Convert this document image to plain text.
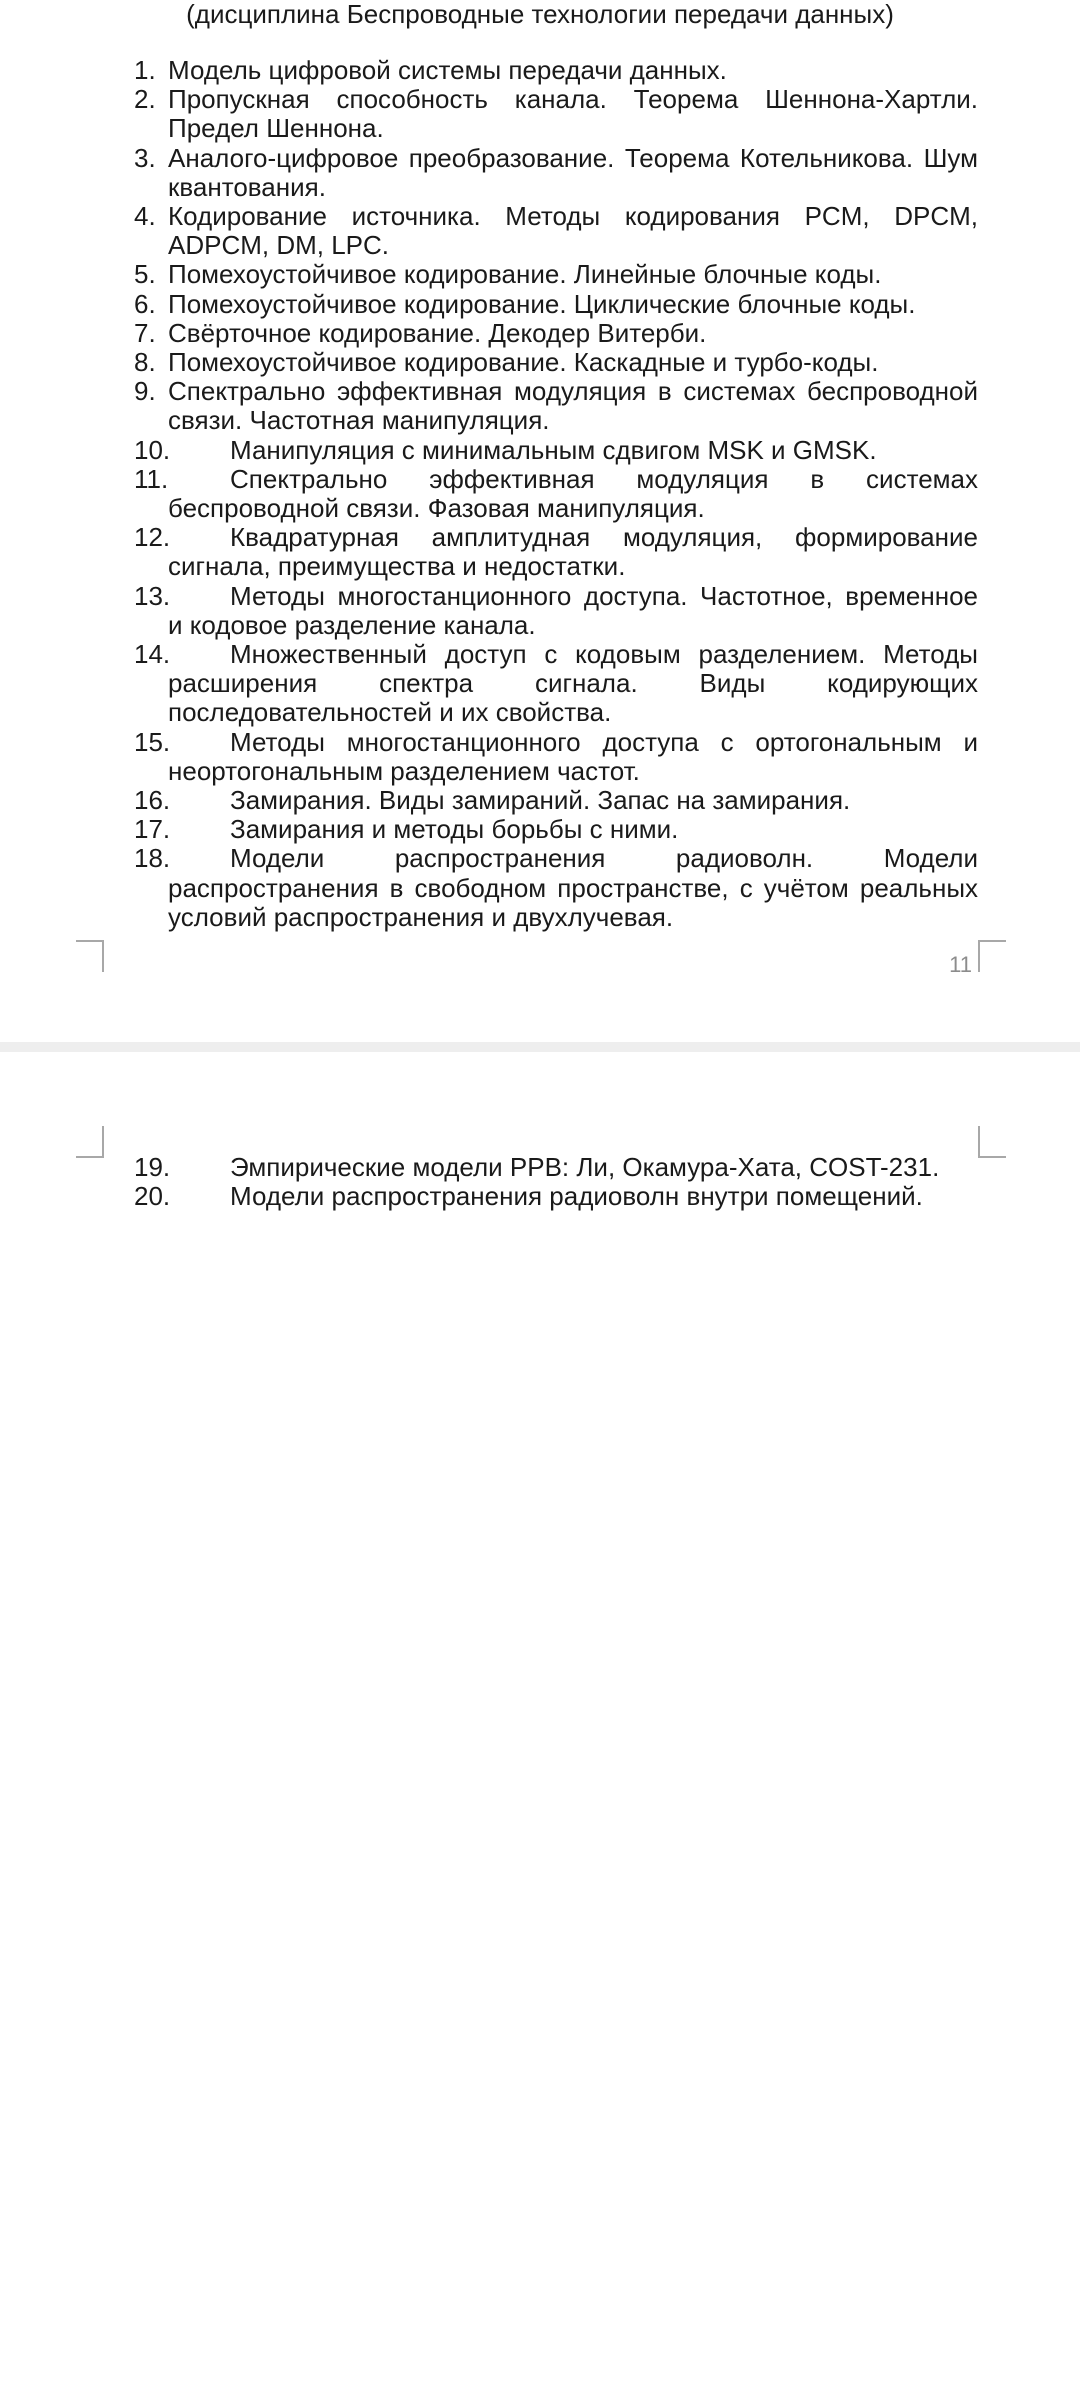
(дисциплина Беспроводные технологии передачи данных)
1. Модель цифровой системы передачи данных.
2. Пропускная способность канала. Теорема Шеннона-Хартли. Предел Шеннона.
3. Аналого-цифровое преобразование. Теорема Котельникова. Шум квантования.
4. Кодирование источника. Методы кодирования PCM, DPCM, ADPCM, DM, LPC.
5. Помехоустойчивое кодирование. Линейные блочные коды.
6. Помехоустойчивое кодирование. Циклические блочные коды.
7. Свёрточное кодирование. Декодер Витерби.
8. Помехоустойчивое кодирование. Каскадные и турбо-коды.
9. Спектрально эффективная модуляция в системах беспроводной связи. Частотная манипуляция.
10. Манипуляция с минимальным сдвигом MSK и GMSK.
11. Спектрально эффективная модуляция в системах беспроводной связи. Фазовая манипуляция.
12. Квадратурная амплитудная модуляция, формирование сигнала, преимущества и недостатки.
13. Методы многостанционного доступа. Частотное, временное и кодовое разделение канала.
14. Множественный доступ с кодовым разделением. Методы расширения спектра сигнала. Виды кодирующих последовательностей и их свойства.
15. Методы многостанционного доступа с ортогональным и неортогональным разделением частот.
16. Замирания. Виды замираний. Запас на замирания.
17. Замирания и методы борьбы с ними.
18. Модели распространения радиоволн. Модели распространения в свободном пространстве, с учётом реальных условий распространения и двухлучевая.
11
19. Эмпирические модели РРВ: Ли, Окамура-Хата, COST-231.
20. Модели распространения радиоволн внутри помещений.
